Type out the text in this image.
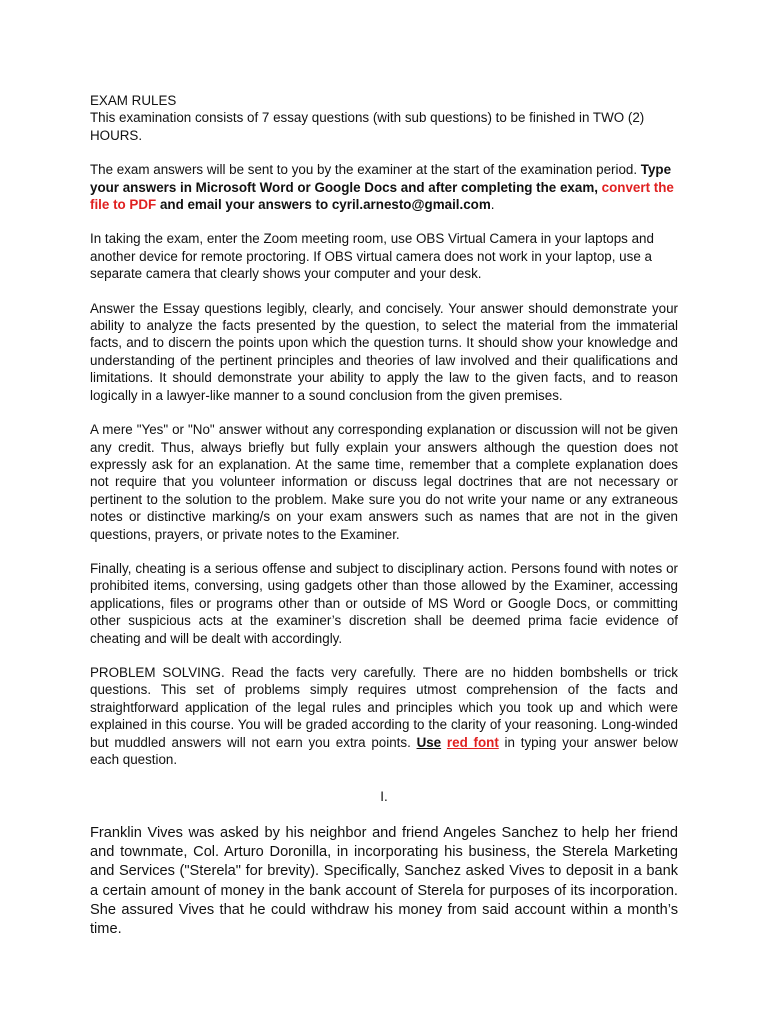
EXAM RULES
This examination consists of 7 essay questions (with sub questions) to be finished in TWO (2) HOURS.

The exam answers will be sent to you by the examiner at the start of the examination period. Type your answers in Microsoft Word or Google Docs and after completing the exam, convert the file to PDF and email your answers to cyril.arnesto@gmail.com.

In taking the exam, enter the Zoom meeting room, use OBS Virtual Camera in your laptops and another device for remote proctoring. If OBS virtual camera does not work in your laptop, use a separate camera that clearly shows your computer and your desk.

Answer the Essay questions legibly, clearly, and concisely. Your answer should demonstrate your ability to analyze the facts presented by the question, to select the material from the immaterial facts, and to discern the points upon which the question turns. It should show your knowledge and understanding of the pertinent principles and theories of law involved and their qualifications and limitations. It should demonstrate your ability to apply the law to the given facts, and to reason logically in a lawyer-like manner to a sound conclusion from the given premises.

A mere "Yes" or "No" answer without any corresponding explanation or discussion will not be given any credit. Thus, always briefly but fully explain your answers although the question does not expressly ask for an explanation. At the same time, remember that a complete explanation does not require that you volunteer information or discuss legal doctrines that are not necessary or pertinent to the solution to the problem. Make sure you do not write your name or any extraneous notes or distinctive marking/s on your exam answers such as names that are not in the given questions, prayers, or private notes to the Examiner.

Finally, cheating is a serious offense and subject to disciplinary action. Persons found with notes or prohibited items, conversing, using gadgets other than those allowed by the Examiner, accessing applications, files or programs other than or outside of MS Word or Google Docs, or committing other suspicious acts at the examiner’s discretion shall be deemed prima facie evidence of cheating and will be dealt with accordingly.

PROBLEM SOLVING. Read the facts very carefully. There are no hidden bombshells or trick questions. This set of problems simply requires utmost comprehension of the facts and straightforward application of the legal rules and principles which you took up and which were explained in this course. You will be graded according to the clarity of your reasoning. Long-winded but muddled answers will not earn you extra points. Use red font in typing your answer below each question.

I.

Franklin Vives was asked by his neighbor and friend Angeles Sanchez to help her friend and townmate, Col. Arturo Doronilla, in incorporating his business, the Sterela Marketing and Services ("Sterela" for brevity). Specifically, Sanchez asked Vives to deposit in a bank a certain amount of money in the bank account of Sterela for purposes of its incorporation. She assured Vives that he could withdraw his money from said account within a month’s time.
